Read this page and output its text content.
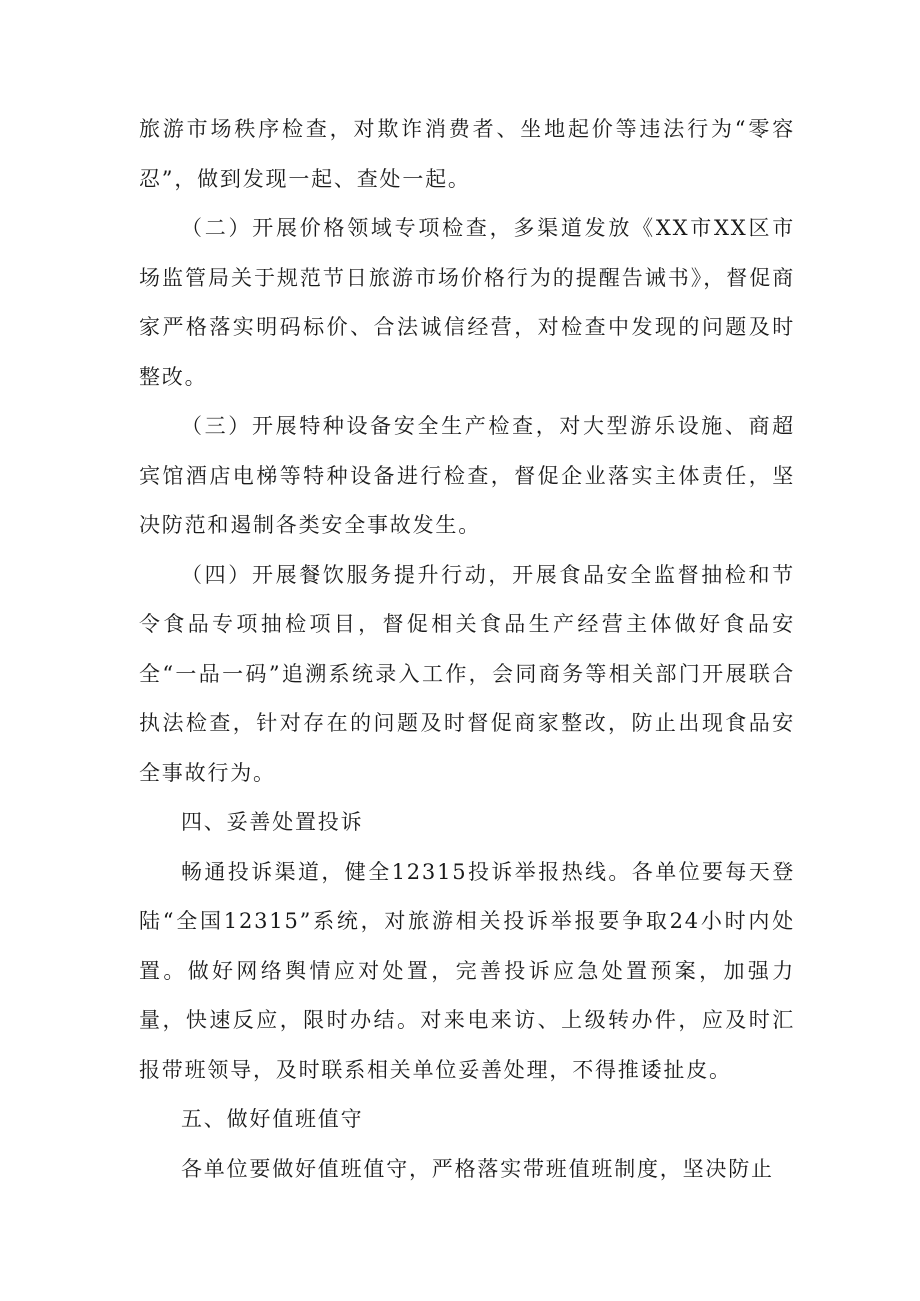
旅游市场秩序检查，对欺诈消费者、坐地起价等违法行为“零容忍”，做到发现一起、查处一起。

（二）开展价格领域专项检查，多渠道发放《XX市XX区市场监管局关于规范节日旅游市场价格行为的提醒告诫书》，督促商家严格落实明码标价、合法诚信经营，对检查中发现的问题及时整改。

（三）开展特种设备安全生产检查，对大型游乐设施、商超宾馆酒店电梯等特种设备进行检查，督促企业落实主体责任，坚决防范和遏制各类安全事故发生。

（四）开展餐饮服务提升行动，开展食品安全监督抽检和节令食品专项抽检项目，督促相关食品生产经营主体做好食品安全“一品一码”追溯系统录入工作，会同商务等相关部门开展联合执法检查，针对存在的问题及时督促商家整改，防止出现食品安全事故行为。

四、妥善处置投诉

畅通投诉渠道，健全12315投诉举报热线。各单位要每天登陆“全国12315”系统，对旅游相关投诉举报要争取24小时内处置。做好网络舆情应对处置，完善投诉应急处置预案，加强力量，快速反应，限时办结。对来电来访、上级转办件，应及时汇报带班领导，及时联系相关单位妥善处理，不得推诿扯皮。

五、做好值班值守

各单位要做好值班值守，严格落实带班值班制度，坚决防止
